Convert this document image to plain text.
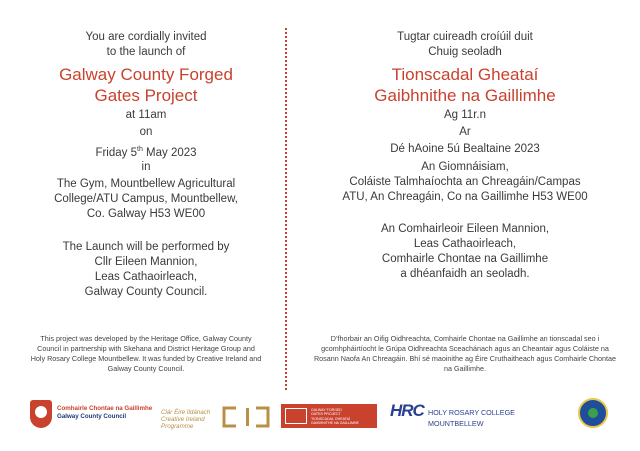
You are cordially invited
to the launch of
Galway County Forged
Gates Project
at 11am
on
Friday 5th May 2023
in
The Gym, Mountbellew Agricultural
College/ATU Campus, Mountbellew,
Co. Galway H53 WE00
The Launch will be performed by
Cllr Eileen Mannion,
Leas Cathaoirleach,
Galway County Council.
This project was developed by the Heritage Office, Galway County Council in partnership with Skehana and District Heritage Group and Holy Rosary College Mountbellew. It was funded by Creative Ireland and Galway County Council.
Tugtar cuireadh croíúil duit
Chuig seoladh
Tionscadal Gheataí
Gaibhnithe na Gaillimhe
Ag 11r.n
Ar
Dé hAoine 5ú Bealtaine 2023
An Giomnáisiam,
Coláiste Talmhaíochta an Chreagáin/Campas
ATU, An Chreagáin, Co na Gaillimhe H53 WE00
An Comhairleoir Eileen Mannion,
Leas Cathaoirleach,
Comhairle Chontae na Gaillimhe
a dhéanfaidh an seoladh.
D’fhorbair an Oifig Oidhreachta, Comhairle Chontae na Gaillimhe an tionscadal seo i gcomhpháirtíocht le Grúpa Oidhreachta Sceachánach agus an Cheantair agus Coláiste na Rosann Naofa An Chreagáin. Bhí sé maoinithe ag Éire Cruthaitheach agus Comhairle Chontae na Gaillimhe.
Comhairle Chontae na Gaillimhe
Galway County Council
Clár Éire Ildánach
Creative Ireland
Programme
GALWAY FORGED
GATES PROJECT
TIONSCADAL GHEATAÍ
GAIBHNITHE NA GAILLIMHE
HRC HOLY ROSARY COLLEGE
MOUNTBELLEW
